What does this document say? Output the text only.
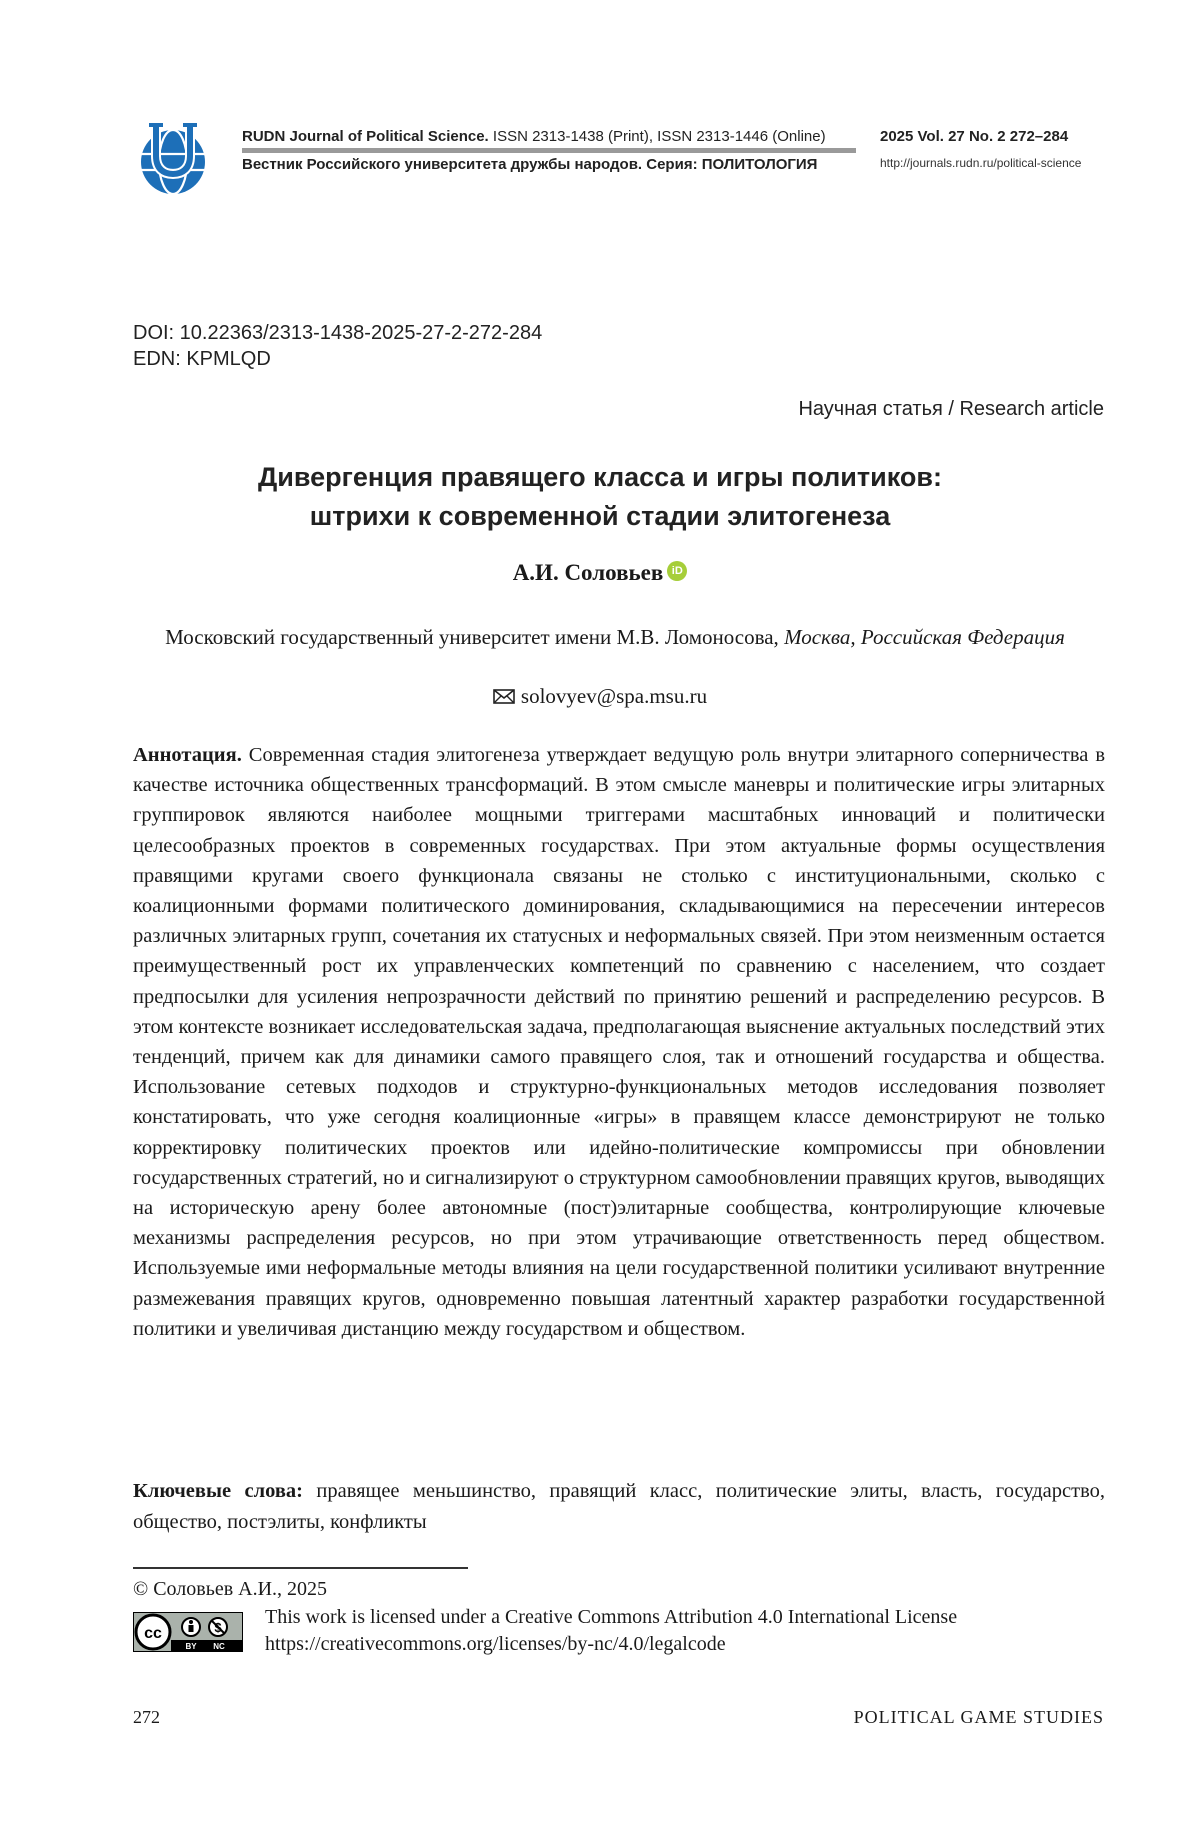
RUDN Journal of Political Science. ISSN 2313-1438 (Print), ISSN 2313-1446 (Online)
Вестник Российского университета дружбы народов. Серия: ПОЛИТОЛОГИЯ
2025 Vol. 27 No. 2 272–284
http://journals.rudn.ru/political-science
DOI: 10.22363/2313-1438-2025-27-2-272-284
EDN: KPMLQD
Научная статья / Research article
Дивергенция правящего класса и игры политиков:
штрихи к современной стадии элитогенеза
А.И. Соловьев iD
Московский государственный университет имени М.В. Ломоносова, Москва, Российская Федерация
solovyev@spa.msu.ru
Аннотация. Современная стадия элитогенеза утверждает ведущую роль внутри элитарного соперничества в качестве источника общественных трансформаций. В этом смысле маневры и политические игры элитарных группировок являются наиболее мощными триггерами масштабных инноваций и политически целесообразных проектов в современных государствах. При этом актуальные формы осуществления правящими кругами своего функционала связаны не столько с институциональными, сколько с коалиционными формами политического доминирования, складывающимися на пересечении интересов различных элитарных групп, сочетания их статусных и неформальных связей. При этом неизменным остается преимущественный рост их управленческих компетенций по сравнению с населением, что создает предпосылки для усиления непрозрачности действий по принятию решений и распределению ресурсов. В этом контексте возникает исследовательская задача, предполагающая выяснение актуальных последствий этих тенденций, причем как для динамики самого правящего слоя, так и отношений государства и общества. Использование сетевых подходов и структурно-функциональных методов исследования позволяет констатировать, что уже сегодня коалиционные «игры» в правящем классе демонстрируют не только корректировку политических проектов или идейно-политические компромиссы при обновлении государственных стратегий, но и сигнализируют о структурном самообновлении правящих кругов, выводящих на историческую арену более автономные (пост)элитарные сообщества, контролирующие ключевые механизмы распределения ресурсов, но при этом утрачивающие ответственность перед обществом. Используемые ими неформальные методы влияния на цели государственной политики усиливают внутренние размежевания правящих кругов, одновременно повышая латентный характер разработки государственной политики и увеличивая дистанцию между государством и обществом.
Ключевые слова: правящее меньшинство, правящий класс, политические элиты, власть, государство, общество, постэлиты, конфликты
© Соловьев А.И., 2025
cc
BY NC
This work is licensed under a Creative Commons Attribution 4.0 International License
https://creativecommons.org/licenses/by-nc/4.0/legalcode
272	POLITICAL GAME STUDIES
